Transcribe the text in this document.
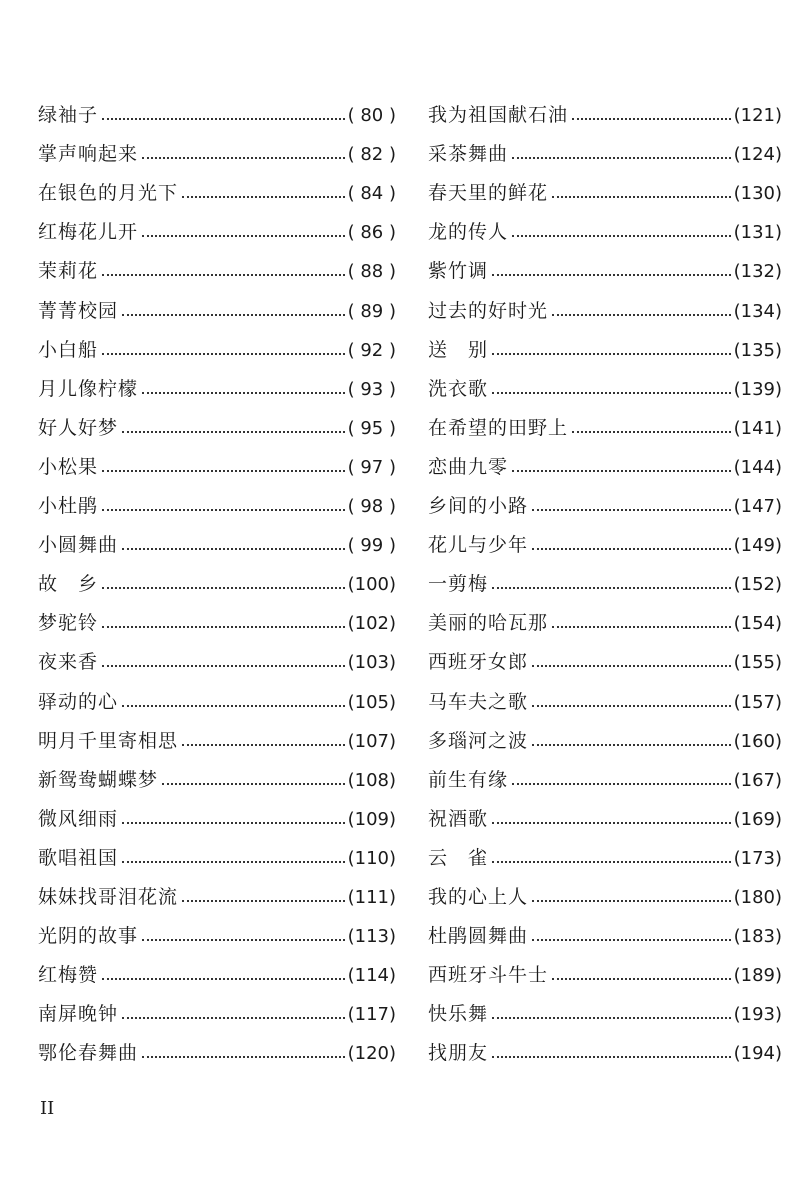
绿袖子	( 80 )
掌声响起来	( 82 )
在银色的月光下	( 84 )
红梅花儿开	( 86 )
茉莉花	( 88 )
菁菁校园	( 89 )
小白船	( 92 )
月儿像柠檬	( 93 )
好人好梦	( 95 )
小松果	( 97 )
小杜鹃	( 98 )
小圆舞曲	( 99 )
故　乡	(100)
梦驼铃	(102)
夜来香	(103)
驿动的心	(105)
明月千里寄相思	(107)
新鸳鸯蝴蝶梦	(108)
微风细雨	(109)
歌唱祖国	(110)
妹妹找哥泪花流	(111)
光阴的故事	(113)
红梅赞	(114)
南屏晚钟	(117)
鄂伦春舞曲	(120)
我为祖国献石油	(121)
采茶舞曲	(124)
春天里的鲜花	(130)
龙的传人	(131)
紫竹调	(132)
过去的好时光	(134)
送　别	(135)
洗衣歌	(139)
在希望的田野上	(141)
恋曲九零	(144)
乡间的小路	(147)
花儿与少年	(149)
一剪梅	(152)
美丽的哈瓦那	(154)
西班牙女郎	(155)
马车夫之歌	(157)
多瑙河之波	(160)
前生有缘	(167)
祝酒歌	(169)
云　雀	(173)
我的心上人	(180)
杜鹃圆舞曲	(183)
西班牙斗牛士	(189)
快乐舞	(193)
找朋友	(194)
II
